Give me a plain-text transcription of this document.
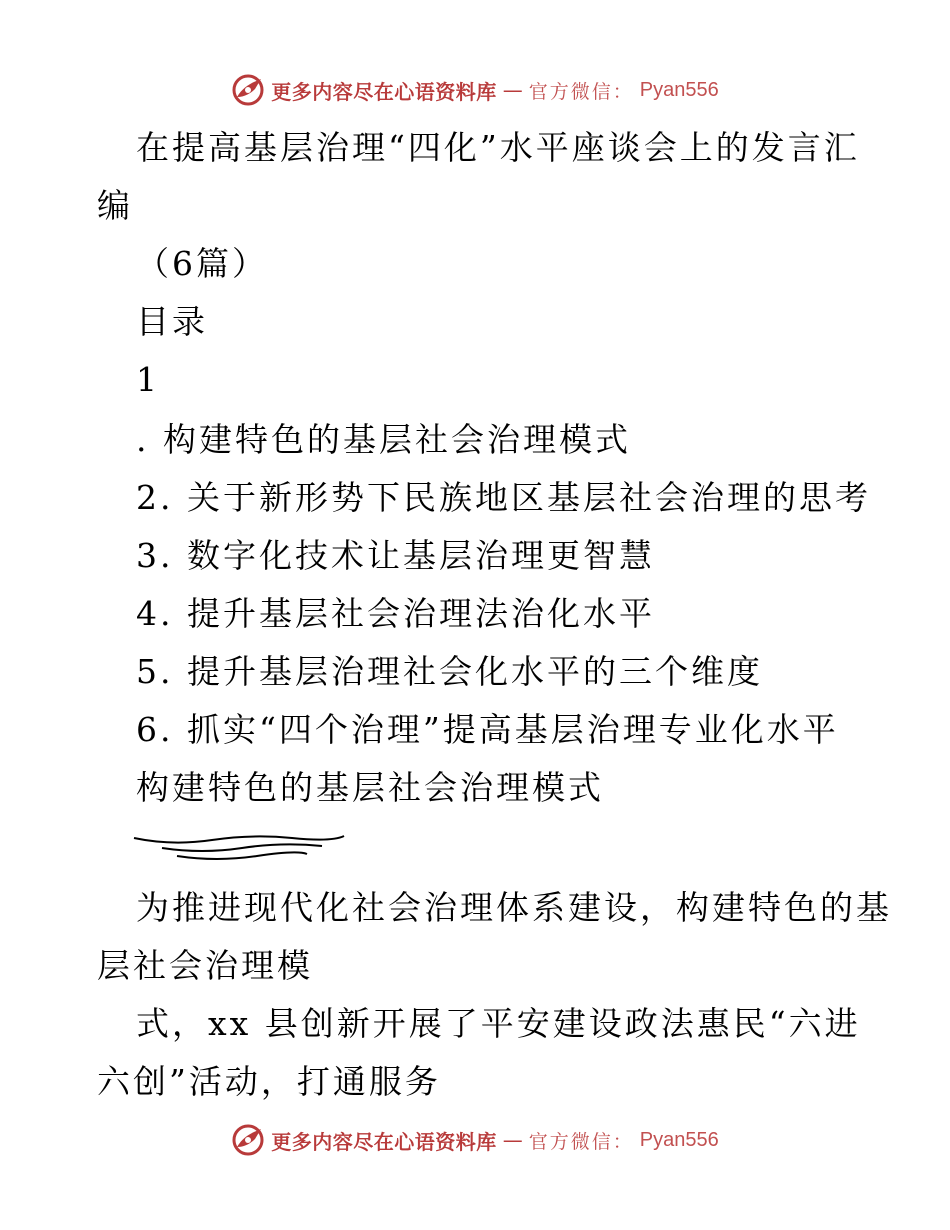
更多内容尽在心语资料库 — 官方微信： Pyan556
在提高基层治理“四化”水平座谈会上的发言汇
编
（6篇）
目录
1
. 构建特色的基层社会治理模式
2. 关于新形势下民族地区基层社会治理的思考
3. 数字化技术让基层治理更智慧
4. 提升基层社会治理法治化水平
5. 提升基层治理社会化水平的三个维度
6. 抓实“四个治理”提高基层治理专业化水平
构建特色的基层社会治理模式
为推进现代化社会治理体系建设，构建特色的基
层社会治理模
式，xx 县创新开展了平安建设政法惠民“六进
六创”活动，打通服务
更多内容尽在心语资料库 — 官方微信： Pyan556
